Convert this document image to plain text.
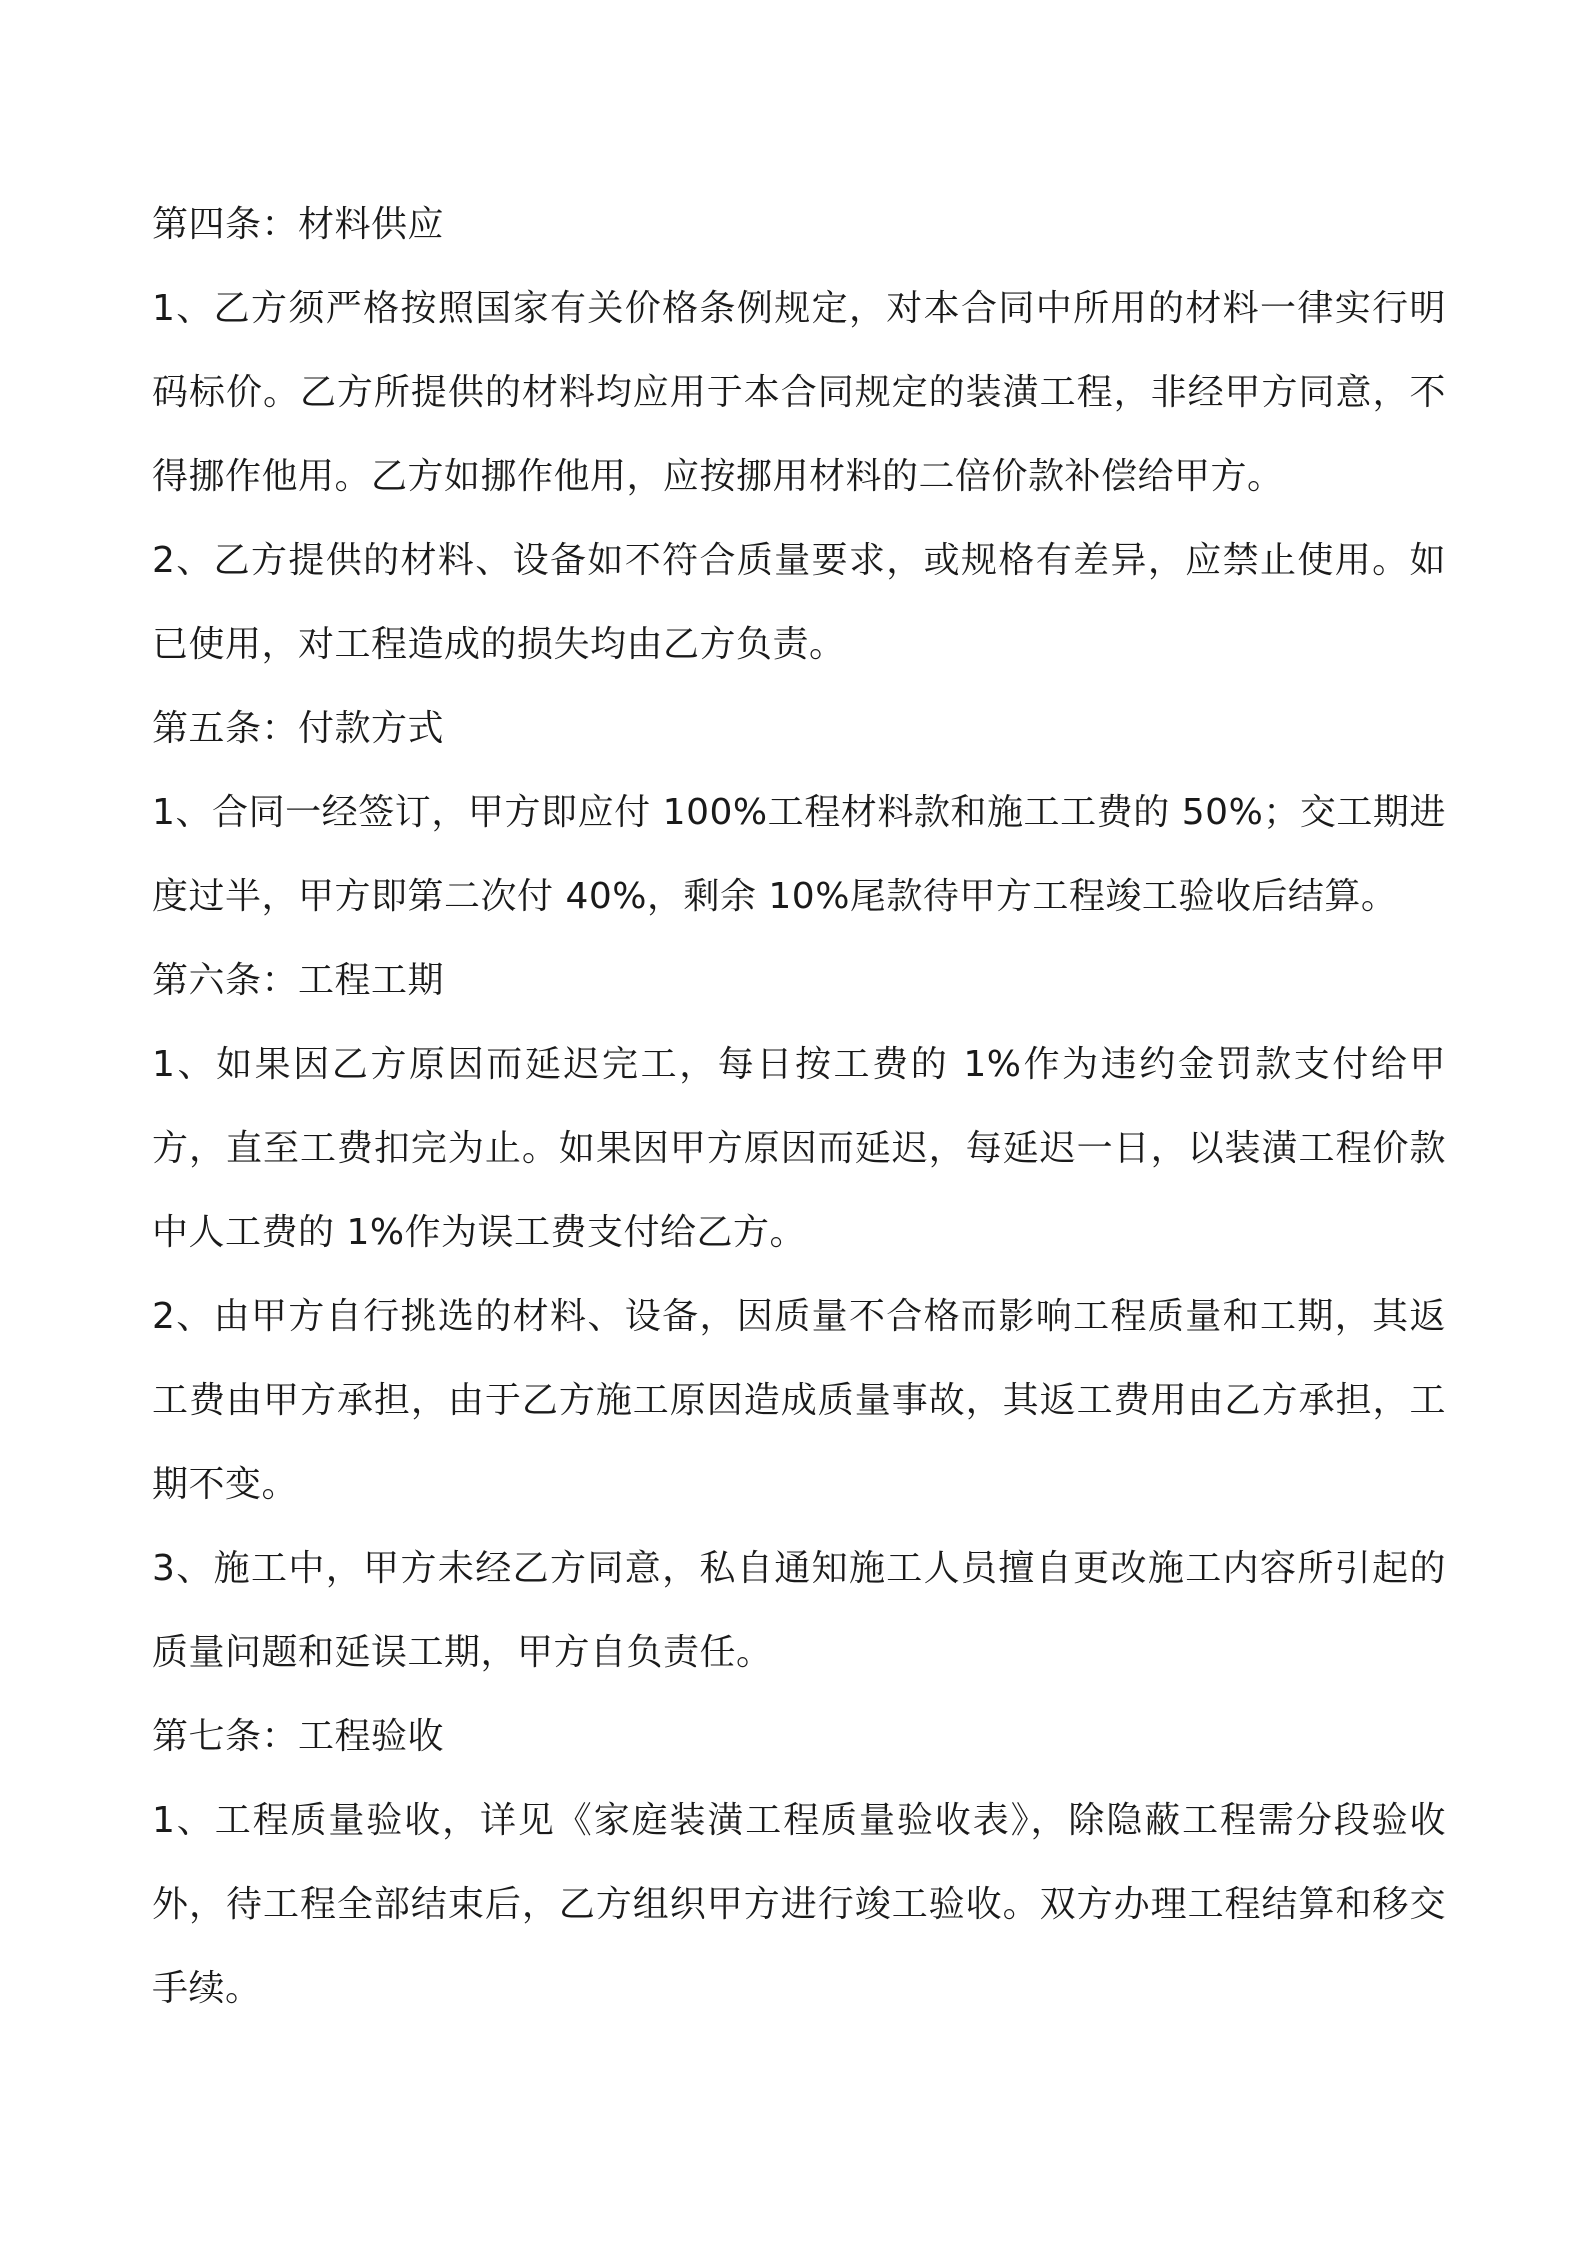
第四条：材料供应

1、乙方须严格按照国家有关价格条例规定，对本合同中所用的材料一律实行明码标价。乙方所提供的材料均应用于本合同规定的装潢工程，非经甲方同意，不得挪作他用。乙方如挪作他用，应按挪用材料的二倍价款补偿给甲方。

2、乙方提供的材料、设备如不符合质量要求，或规格有差异，应禁止使用。如已使用，对工程造成的损失均由乙方负责。

第五条：付款方式

1、合同一经签订，甲方即应付 100%工程材料款和施工工费的 50%；交工期进度过半，甲方即第二次付 40%，剩余 10%尾款待甲方工程竣工验收后结算。

第六条：工程工期

1、如果因乙方原因而延迟完工，每日按工费的 1%作为违约金罚款支付给甲方，直至工费扣完为止。如果因甲方原因而延迟，每延迟一日，以装潢工程价款中人工费的 1%作为误工费支付给乙方。

2、由甲方自行挑选的材料、设备，因质量不合格而影响工程质量和工期，其返工费由甲方承担，由于乙方施工原因造成质量事故，其返工费用由乙方承担，工期不变。

3、施工中，甲方未经乙方同意，私自通知施工人员擅自更改施工内容所引起的质量问题和延误工期，甲方自负责任。

第七条：工程验收

1、工程质量验收，详见《家庭装潢工程质量验收表》，除隐蔽工程需分段验收外，待工程全部结束后，乙方组织甲方进行竣工验收。双方办理工程结算和移交手续。
